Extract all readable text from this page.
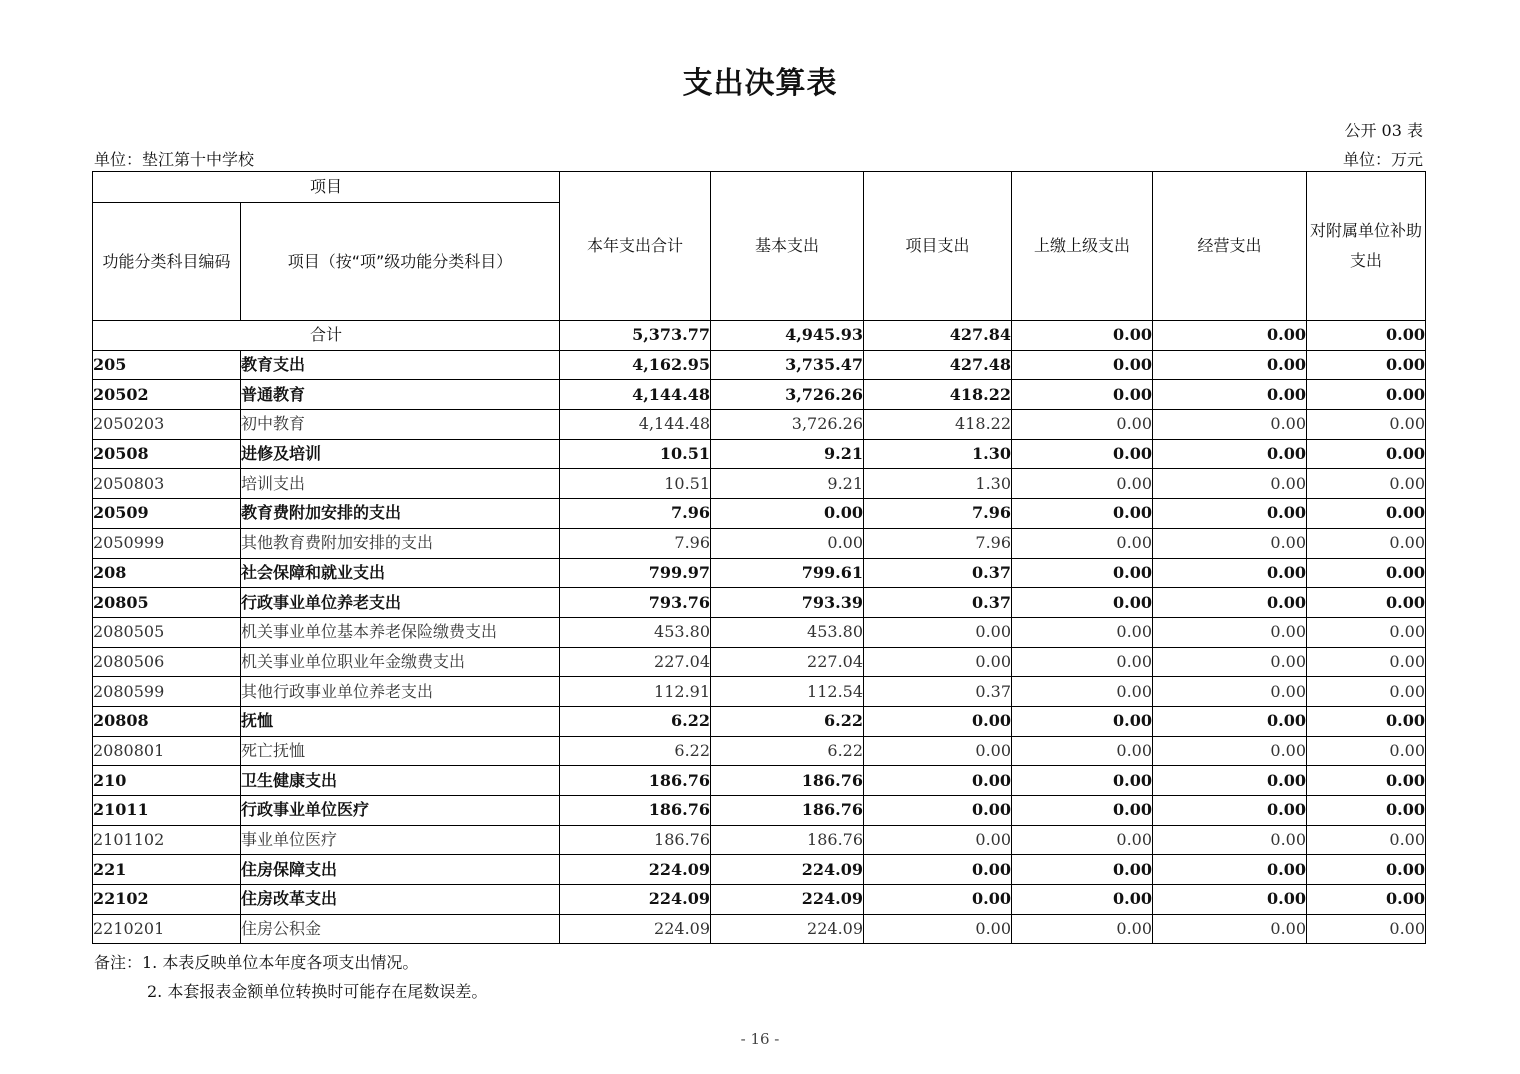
支出决算表
公开 03 表
单位：垫江第十中学校	单位：万元
项目		本年支出合计	基本支出	项目支出	上缴上级支出	经营支出	对附属单位补助支出
功能分类科目编码	项目（按“项”级功能分类科目）						
合计		5,373.77	4,945.93	427.84	0.00	0.00	0.00
205	教育支出	4,162.95	3,735.47	427.48	0.00	0.00	0.00
20502	普通教育	4,144.48	3,726.26	418.22	0.00	0.00	0.00
2050203	初中教育	4,144.48	3,726.26	418.22	0.00	0.00	0.00
20508	进修及培训	10.51	9.21	1.30	0.00	0.00	0.00
2050803	培训支出	10.51	9.21	1.30	0.00	0.00	0.00
20509	教育费附加安排的支出	7.96	0.00	7.96	0.00	0.00	0.00
2050999	其他教育费附加安排的支出	7.96	0.00	7.96	0.00	0.00	0.00
208	社会保障和就业支出	799.97	799.61	0.37	0.00	0.00	0.00
20805	行政事业单位养老支出	793.76	793.39	0.37	0.00	0.00	0.00
2080505	机关事业单位基本养老保险缴费支出	453.80	453.80	0.00	0.00	0.00	0.00
2080506	机关事业单位职业年金缴费支出	227.04	227.04	0.00	0.00	0.00	0.00
2080599	其他行政事业单位养老支出	112.91	112.54	0.37	0.00	0.00	0.00
20808	抚恤	6.22	6.22	0.00	0.00	0.00	0.00
2080801	死亡抚恤	6.22	6.22	0.00	0.00	0.00	0.00
210	卫生健康支出	186.76	186.76	0.00	0.00	0.00	0.00
21011	行政事业单位医疗	186.76	186.76	0.00	0.00	0.00	0.00
2101102	事业单位医疗	186.76	186.76	0.00	0.00	0.00	0.00
221	住房保障支出	224.09	224.09	0.00	0.00	0.00	0.00
22102	住房改革支出	224.09	224.09	0.00	0.00	0.00	0.00
2210201	住房公积金	224.09	224.09	0.00	0.00	0.00	0.00
备注：1. 本表反映单位本年度各项支出情况。
2. 本套报表金额单位转换时可能存在尾数误差。
- 16 -
